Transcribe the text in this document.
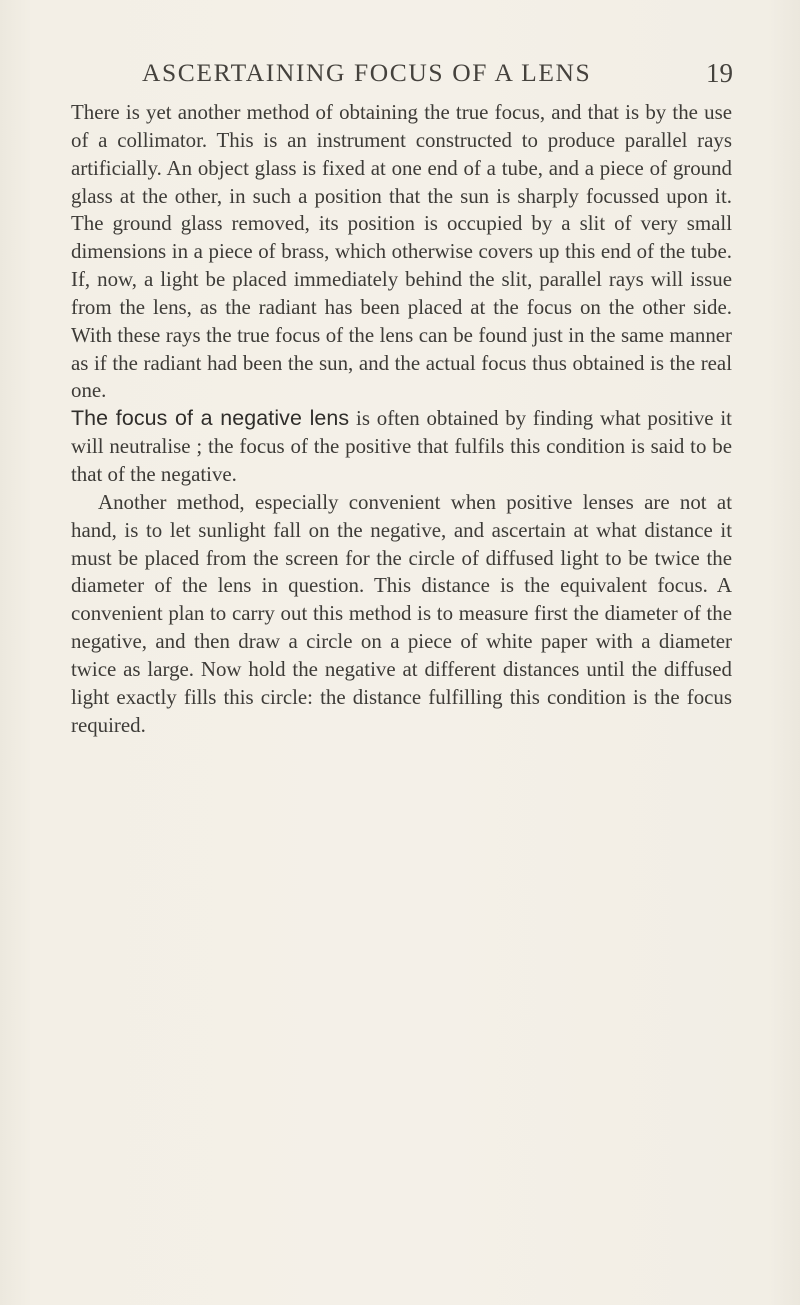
ASCERTAINING FOCUS OF A LENS	19

There is yet another method of obtaining the true focus, and that is by the use of a collimator. This is an instrument constructed to produce parallel rays artificially. An object glass is fixed at one end of a tube, and a piece of ground glass at the other, in such a position that the sun is sharply focussed upon it. The ground glass removed, its position is occupied by a slit of very small dimensions in a piece of brass, which otherwise covers up this end of the tube. If, now, a light be placed immediately behind the slit, parallel rays will issue from the lens, as the radiant has been placed at the focus on the other side. With these rays the true focus of the lens can be found just in the same manner as if the radiant had been the sun, and the actual focus thus obtained is the real one.

The focus of a negative lens is often obtained by finding what positive it will neutralise ; the focus of the positive that fulfils this condition is said to be that of the negative.

Another method, especially convenient when positive lenses are not at hand, is to let sunlight fall on the negative, and ascertain at what distance it must be placed from the screen for the circle of diffused light to be twice the diameter of the lens in question. This distance is the equivalent focus. A convenient plan to carry out this method is to measure first the diameter of the negative, and then draw a circle on a piece of white paper with a diameter twice as large. Now hold the negative at different distances until the diffused light exactly fills this circle: the distance fulfilling this condition is the focus required.
